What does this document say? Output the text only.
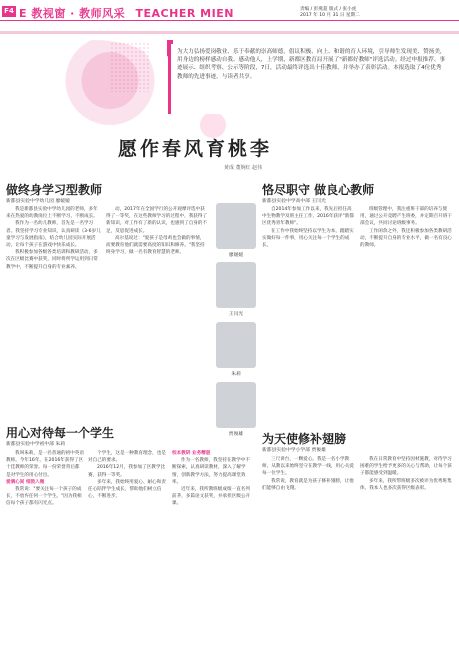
F4 E 教视窗 · 教师风采 TEACHER MIEN	责编 / 彭燕超 版式 / 张小虎
2017 年 10 月 31 日 星期二
为大力弘扬爱岗敬业、乐于奉献的崇高师德，倡议积极、向上、和谐的育人环境，引导师生发现美、赞扬美，用身边的榜样感动自我、感动他人，上学期，新都区教育局开展了"新都好教师"评选活动。经过申报推荐、事迹展示、组织考察、公示等阶段，7日，活动最终评选出十佳教师，并举办了表彰活动。本报选取了4位优秀教师的先进事迹，与读者共享。
愿作春风育桃李
黄成 董婉红 赵伟
做终身学习型教师
新都县实验中学幼儿园 廖媛媛

我是新都县实验中学幼儿园的老师，多年来在热爱的幼教岗位上不断学习、不断成长。

我作为一名幼儿教师，首先是一名学习者。我坚持学习专业知识，认真研读《3-6岁儿童学习与发展指南》，结合幼儿园实际开展活动，让每个孩子在游戏中快乐成长。

我积极参加各级各类培训和教研活动，多次在区级比赛中获奖，同时将所学运用到日常教学中，不断提升自身的专业素养。

动，2017年在全国学行的公开观摩评选中获得了一等奖，在这些教师学习的过程中，我获得了新知识，对工作有了新的认识，也感到了自身的不足，反思促进成长。

高尔基说过："爱孩子是母鸡也会做的事情，而要教育他们就需要高度的知识和修养。"我坚持终身学习，做一名有教育智慧的老师。

廖媛媛
王闫光
朱莉
贾俊雄
恪尽职守 做良心教师
新都县实验中学高中部 王闫光

自2014年参加工作以来，我先后担任高中生物教学及班主任工作，2016年获评"新都区优秀青年教师"。

在工作中我始终坚持以学生为本，踏踏实实做好每一件事，用心关注每一个学生的成长。

班级管理中，我注重班干部的培养与使用，通过公开竞聘产生班委，并定期召开班干部会议，共同讨论班级事务。

工作闲余之外，我还积极参加各类教研活动，不断提升自身的专业水平，做一名有良心的教师。

用心对待每一个学生
新都县实验中学初中部 朱莉

我叫朱莉，是一名普通的初中英语教师。今年16年，在2016年获得了区十佳教师的荣誉。每一份荣誉背后都是对学生的用心付出。

爱满心间 细致入微

我常说："要关注每一个孩子的成长，不放弃任何一个学生。"因为我相信每个孩子都有闪光点。

个学生，这是一种教育理念，也是对自己的要求。

2016年12月，我参加了区教学比赛，获得一等奖。

多年来，我始终用爱心、耐心和责任心陪伴学生成长，帮助他们树立信心，不断进步。

校本教研 业务精湛

作为一名教师，我坚持在教学中不断探索，认真研读教材，深入了解学情，创新教学方法，努力提高课堂效率。

近年来，我所教班级成绩一直名列前茅，多篇论文获奖，并承担区级公开课。

为天使修补翅膀
新都县实验中学小学部 贾俊雄

三尺讲台，一颗爱心。我是一名小学教师，从教以来始终坚守在教学一线，用心关爱每一位学生。

我常说，教育就是为孩子修补翅膀，让他们能够自由飞翔。

我在日常教育中坚持因材施教，对待学习困难的学生给予更多的关心与帮助，让每个孩子都能感受到温暖。

多年来，我所带班级多次被评为优秀班集体，我本人也多次获得区级表彰。
